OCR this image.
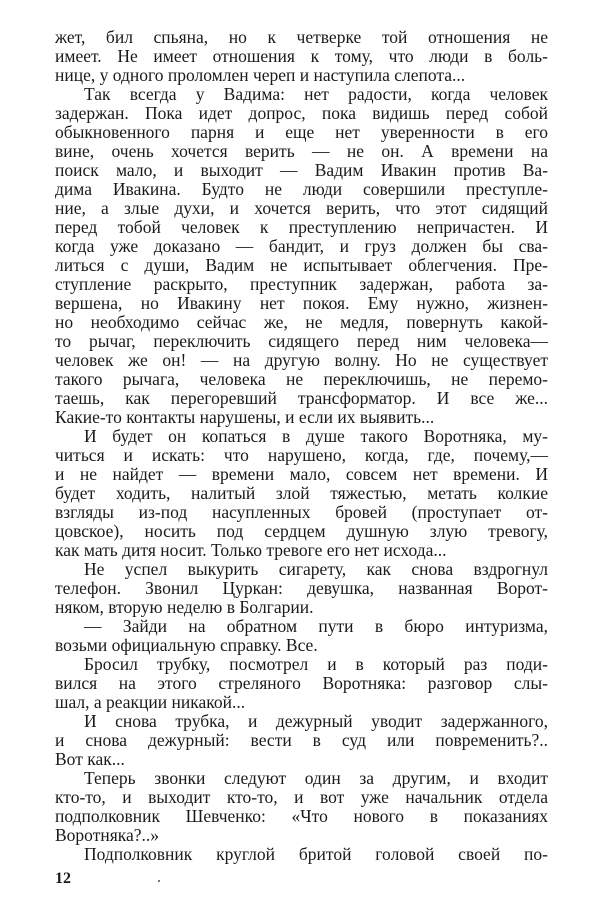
жет, бил спьяна, но к четверке той отношения не
имеет. Не имеет отношения к тому, что люди в боль-
нице, у одного проломлен череп и наступила слепота...
Так всегда у Вадима: нет радости, когда человек
задержан. Пока идет допрос, пока видишь перед собой
обыкновенного парня и еще нет уверенности в его
вине, очень хочется верить — не он. А времени на
поиск мало, и выходит — Вадим Ивакин против Ва-
дима Ивакина. Будто не люди совершили преступле-
ние, а злые духи, и хочется верить, что этот сидящий
перед тобой человек к преступлению непричастен. И
когда уже доказано — бандит, и груз должен бы сва-
литься с души, Вадим не испытывает облегчения. Пре-
ступление раскрыто, преступник задержан, работа за-
вершена, но Ивакину нет покоя. Ему нужно, жизнен-
но необходимо сейчас же, не медля, повернуть какой-
то рычаг, переключить сидящего перед ним человека—
человек же он! — на другую волну. Но не существует
такого рычага, человека не переключишь, не перемо-
таешь, как перегоревший трансформатор. И все же...
Какие-то контакты нарушены, и если их выявить...
И будет он копаться в душе такого Воротняка, му-
читься и искать: что нарушено, когда, где, почему,—
и не найдет — времени мало, совсем нет времени. И
будет ходить, налитый злой тяжестью, метать колкие
взгляды из-под насупленных бровей (проступает от-
цовское), носить под сердцем душную злую тревогу,
как мать дитя носит. Только тревоге его нет исхода...
Не успел выкурить сигарету, как снова вздрогнул
телефон. Звонил Цуркан: девушка, названная Ворот-
няком, вторую неделю в Болгарии.
— Зайди на обратном пути в бюро интуризма,
возьми официальную справку. Все.
Бросил трубку, посмотрел и в который раз поди-
вился на этого стреляного Воротняка: разговор слы-
шал, а реакции никакой...
И снова трубка, и дежурный уводит задержанного,
и снова дежурный: вести в суд или повременить?..
Вот как...
Теперь звонки следуют один за другим, и входит
кто-то, и выходит кто-то, и вот уже начальник отдела
подполковник Шевченко: «Что нового в показаниях
Воротняка?..»
Подполковник круглой бритой головой своей по-
12
